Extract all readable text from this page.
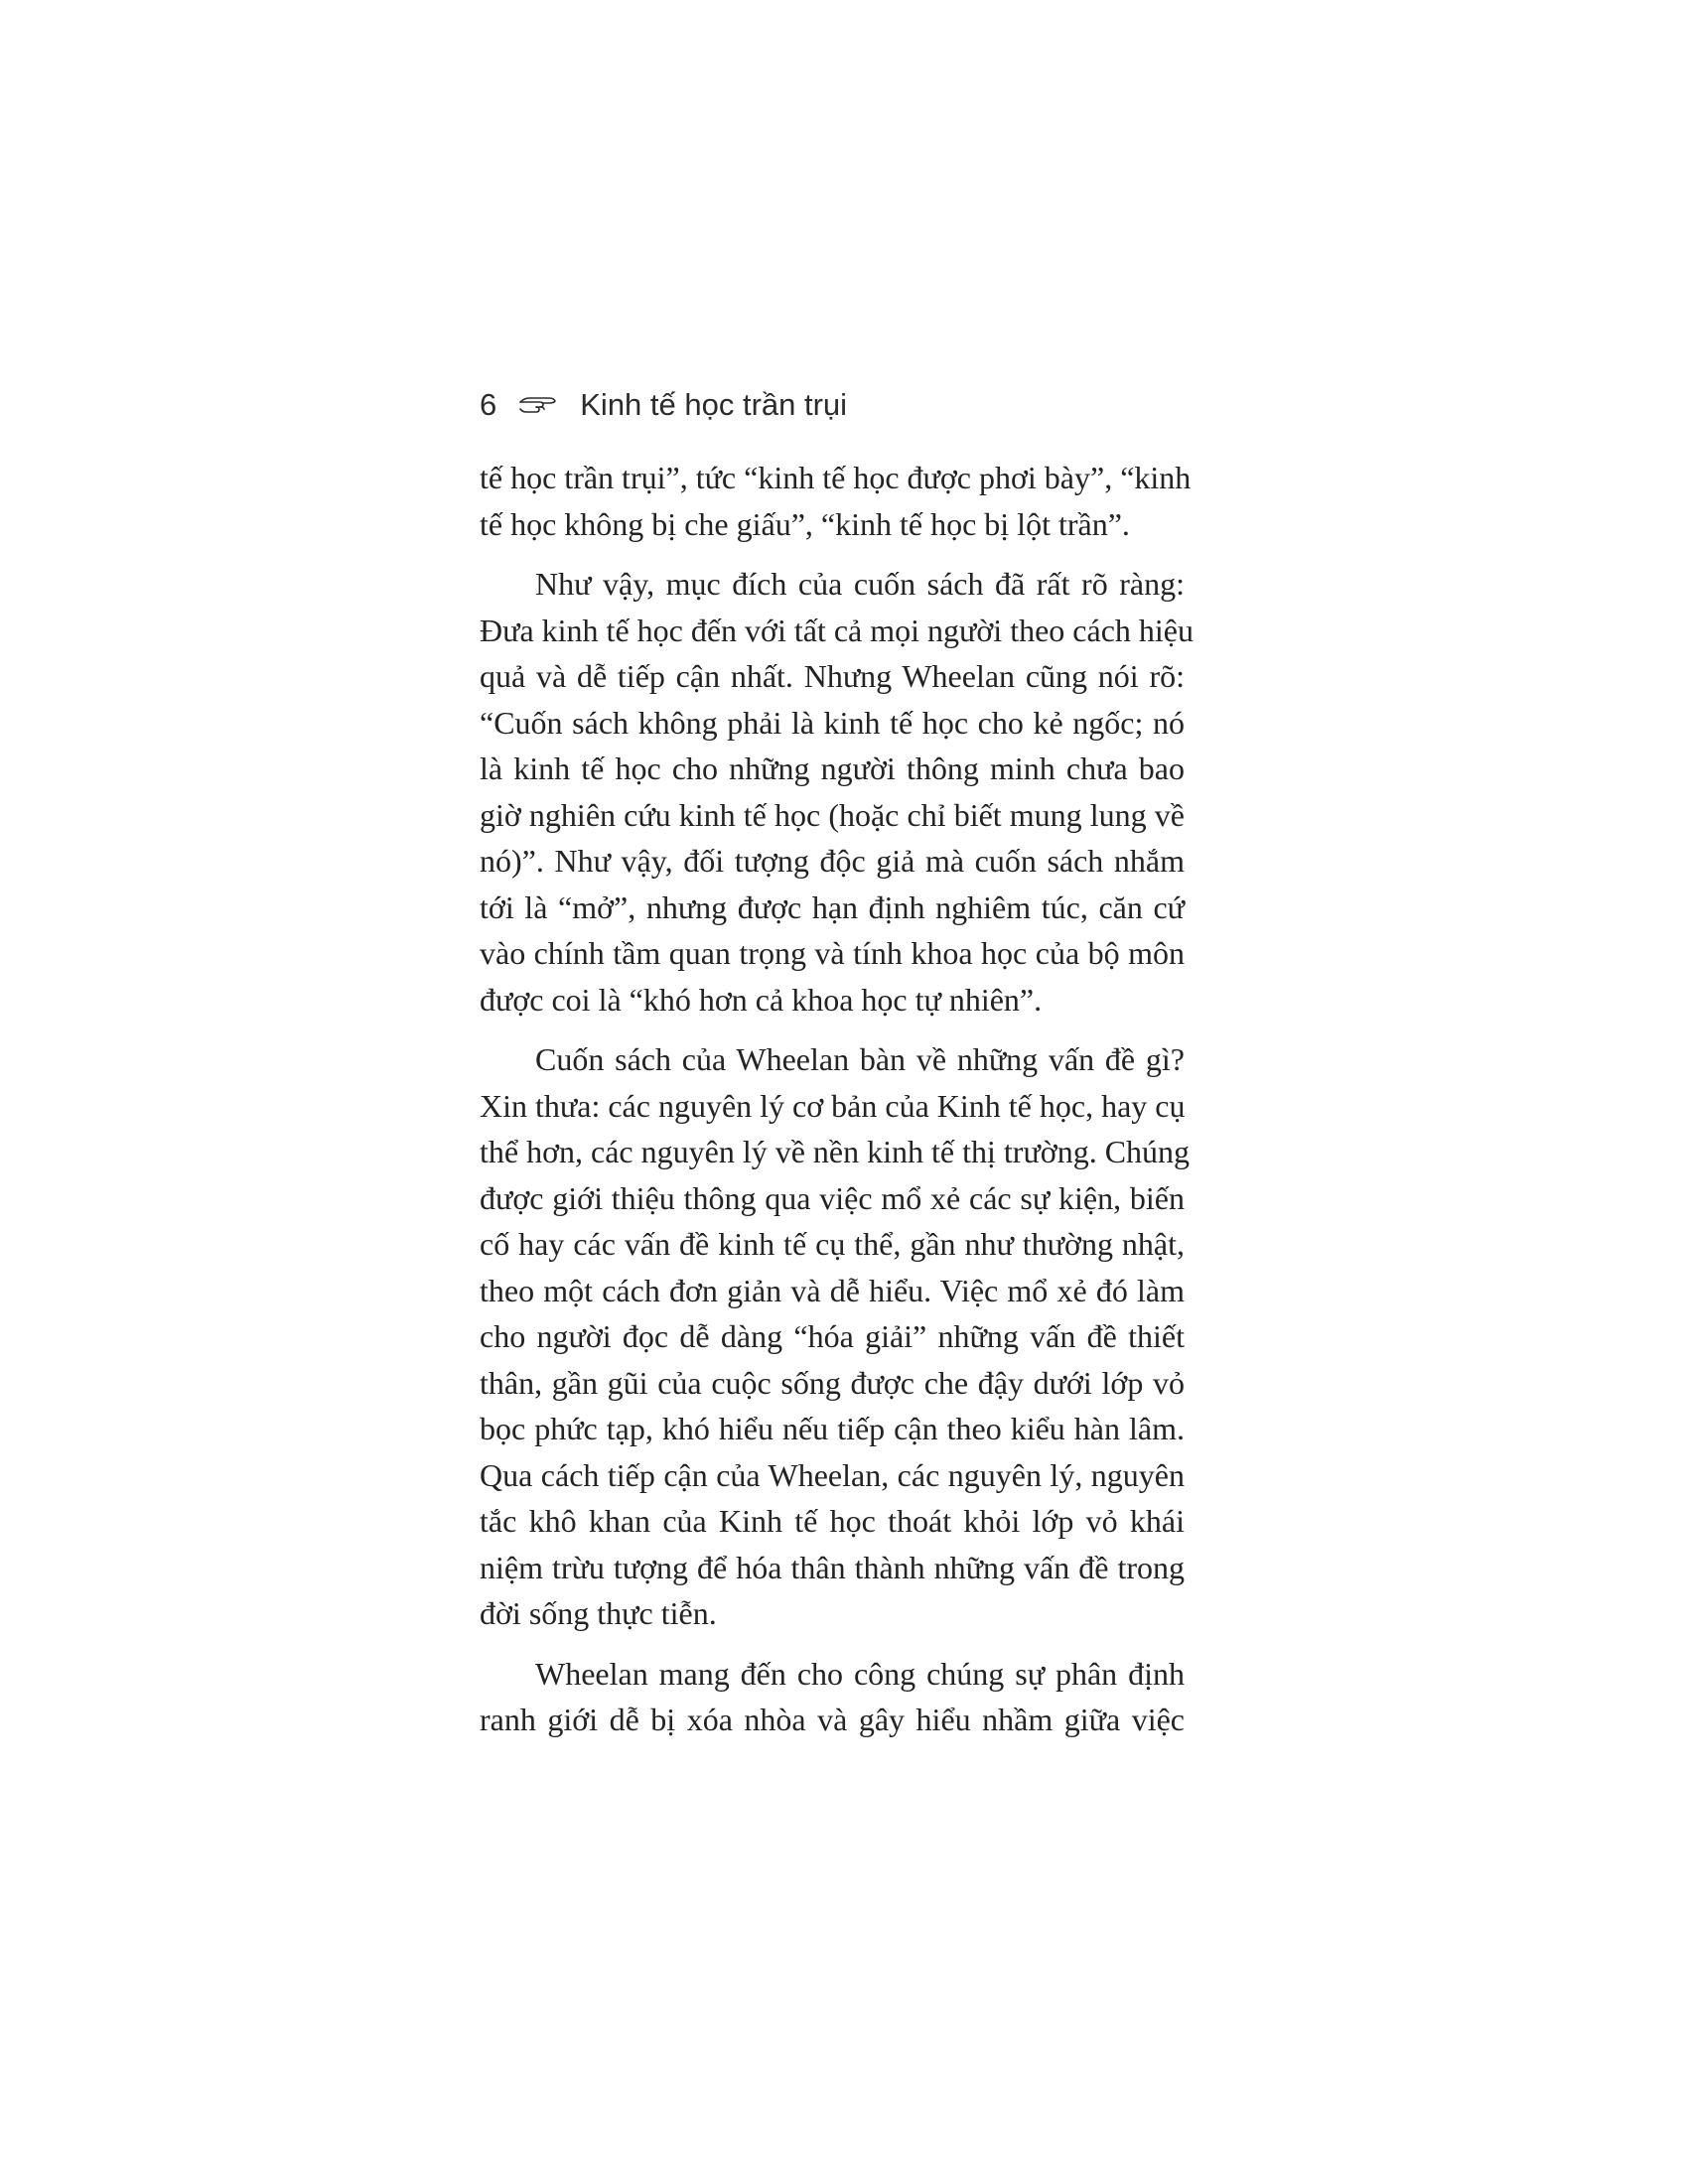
6	Kinh tế học trần trụi
tế học trần trụi”, tức “kinh tế học được phơi bày”, “kinh
tế học không bị che giấu”, “kinh tế học bị lột trần”.
Như vậy, mục đích của cuốn sách đã rất rõ ràng:
Đưa kinh tế học đến với tất cả mọi người theo cách hiệu
quả và dễ tiếp cận nhất. Nhưng Wheelan cũng nói rõ:
“Cuốn sách không phải là kinh tế học cho kẻ ngốc; nó
là kinh tế học cho những người thông minh chưa bao
giờ nghiên cứu kinh tế học (hoặc chỉ biết mung lung về
nó)”. Như vậy, đối tượng độc giả mà cuốn sách nhắm
tới là “mở”, nhưng được hạn định nghiêm túc, căn cứ
vào chính tầm quan trọng và tính khoa học của bộ môn
được coi là “khó hơn cả khoa học tự nhiên”.
Cuốn sách của Wheelan bàn về những vấn đề gì?
Xin thưa: các nguyên lý cơ bản của Kinh tế học, hay cụ
thể hơn, các nguyên lý về nền kinh tế thị trường. Chúng
được giới thiệu thông qua việc mổ xẻ các sự kiện, biến
cố hay các vấn đề kinh tế cụ thể, gần như thường nhật,
theo một cách đơn giản và dễ hiểu. Việc mổ xẻ đó làm
cho người đọc dễ dàng “hóa giải” những vấn đề thiết
thân, gần gũi của cuộc sống được che đậy dưới lớp vỏ
bọc phức tạp, khó hiểu nếu tiếp cận theo kiểu hàn lâm.
Qua cách tiếp cận của Wheelan, các nguyên lý, nguyên
tắc khô khan của Kinh tế học thoát khỏi lớp vỏ khái
niệm trừu tượng để hóa thân thành những vấn đề trong
đời sống thực tiễn.
Wheelan mang đến cho công chúng sự phân định
ranh giới dễ bị xóa nhòa và gây hiểu nhầm giữa việc
